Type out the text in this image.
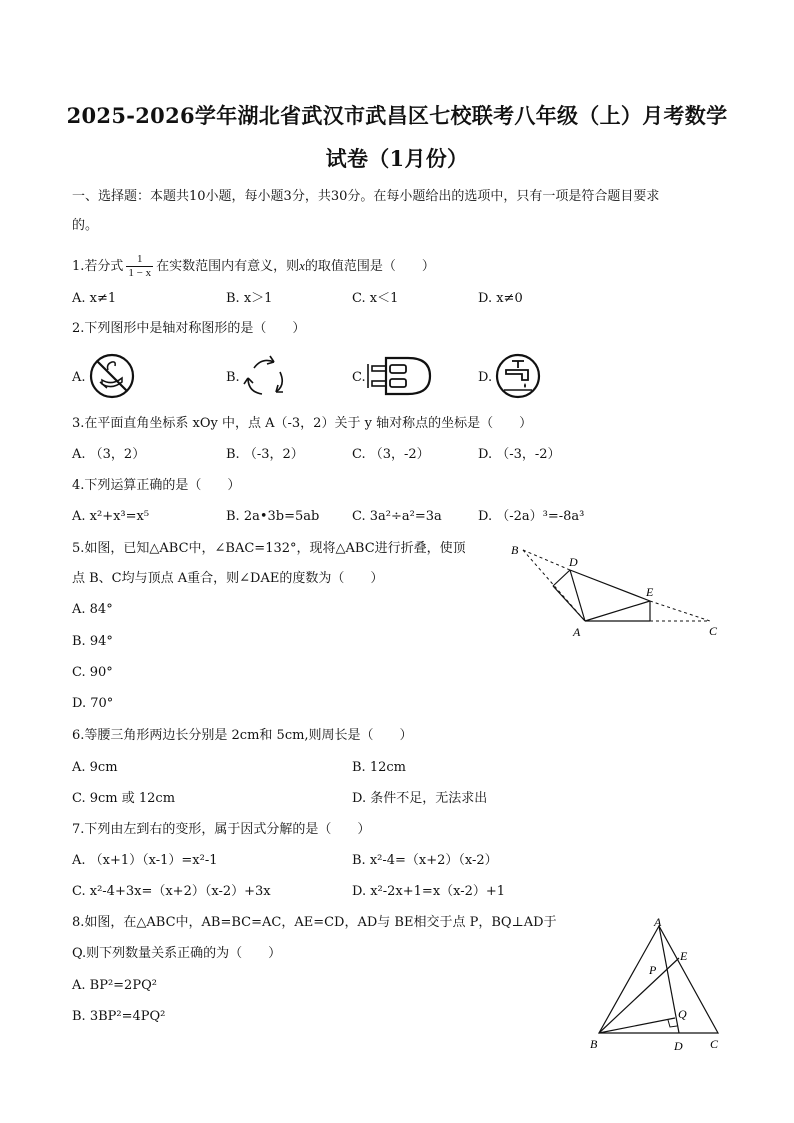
2025-2026学年湖北省武汉市武昌区七校联考八年级（上）月考数学
试卷（1月份）
一、选择题：本题共10小题，每小题3分，共30分。在每小题给出的选项中，只有一项是符合题目要求
的。
1.若分式 $\frac{1}{1 - x}$ 在实数范围内有意义，则x的取值范围是（　　）
A. x≠1	B. x＞1	C. x＜1	D. x≠0
2.下列图形中是轴对称图形的是（　　）
A.	B.	C.	D.
3.在平面直角坐标系 xOy 中，点 A（-3，2）关于 y 轴对称点的坐标是（　　）
A. （3，2）	B. （-3，2）	C. （3，-2）	D. （-3，-2）
4.下列运算正确的是（　　）
A. x²+x³=x⁵	B. 2a•3b=5ab	C. 3a²÷a²=3a	D. （-2a）³=-8a³
5.如图，已知△ABC中，∠BAC=132°，现将△ABC进行折叠，使顶
点 B、C均与顶点 A重合，则∠DAE的度数为（　　）
A. 84°
B. 94°
C. 90°
D. 70°
B
D
E
A	C
6.等腰三角形两边长分别是 2cm和 5cm,则周长是（　　）
A. 9cm	B. 12cm
C. 9cm 或 12cm	D. 条件不足，无法求出
7.下列由左到右的变形，属于因式分解的是（　　）
A. （x+1）（x-1）=x²-1	B. x²-4=（x+2）（x-2）
C. x²-4+3x=（x+2）（x-2）+3x	D. x²-2x+1=x（x-2）+1
8.如图，在△ABC中，AB=BC=AC，AE=CD，AD与 BE相交于点 P，BQ⊥AD于
Q.则下列数量关系正确的为（　　）
A. BP²=2PQ²
B. 3BP²=4PQ²
A
E
P
Q
B	D C
